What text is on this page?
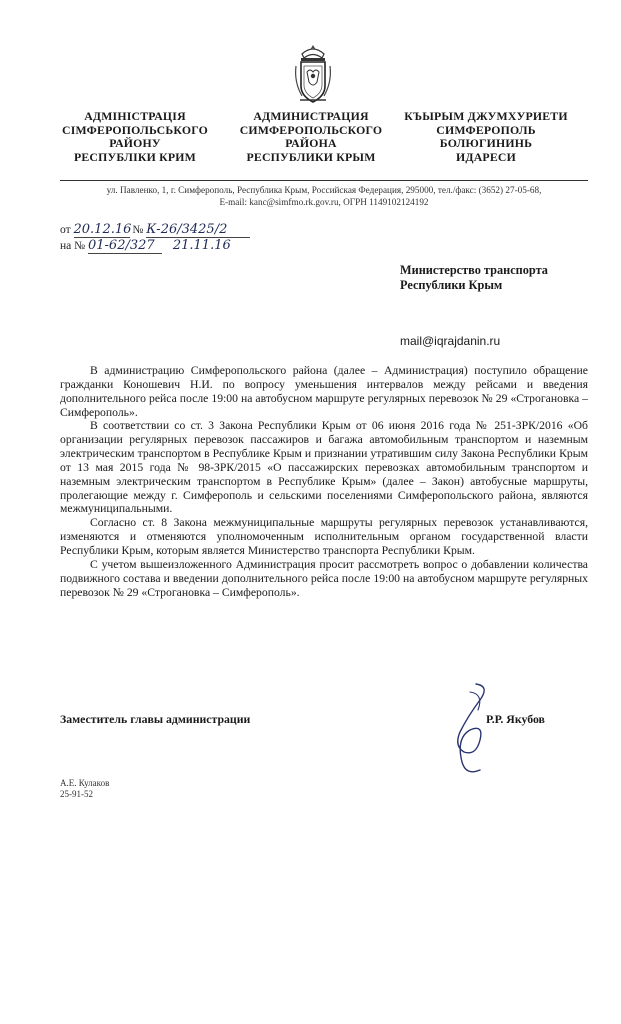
АДМІНІСТРАЦІЯ
СІМФЕРОПОЛЬСЬКОГО
РАЙОНУ
РЕСПУБЛІКИ КРИМ
АДМИНИСТРАЦИЯ
СИМФЕРОПОЛЬСКОГО
РАЙОНА
РЕСПУБЛИКИ КРЫМ
КЪЫРЫМ ДЖУМХУРИЕТИ
СИМФЕРОПОЛЬ
БОЛЮГИНИНЬ
ИДАРЕСИ
ул. Павленко, 1, г. Симферополь, Республика Крым, Российская Федерация, 295000, тел./факс: (3652) 27-05-68,
E-mail: kanc@simfmo.rk.gov.ru, ОГРН 1149102124192
от 20.12.16 № К-26/3425/2
на № 01-62/327 21.11.16
Министерство транспорта
Республики Крым
mail@iqrajdanin.ru

В администрацию Симферопольского района (далее – Администрация) поступило обращение гражданки Коношевич Н.И. по вопросу уменьшения интервалов между рейсами и введения дополнительного рейса после 19:00 на автобусном маршруте регулярных перевозок № 29 «Строгановка – Симферополь».

В соответствии со ст. 3 Закона Республики Крым от 06 июня 2016 года № 251-ЗРК/2016 «Об организации регулярных перевозок пассажиров и багажа автомобильным транспортом и наземным электрическим транспортом в Республике Крым и признании утратившим силу Закона Республики Крым от 13 мая 2015 года № 98-ЗРК/2015 «О пассажирских перевозках автомобильным транспортом и наземным электрическим транспортом в Республике Крым» (далее – Закон) автобусные маршруты, пролегающие между г. Симферополь и сельскими поселениями Симферопольского района, являются межмуниципальными.

Согласно ст. 8 Закона межмуниципальные маршруты регулярных перевозок устанавливаются, изменяются и отменяются уполномоченным исполнительным органом государственной власти Республики Крым, которым является Министерство транспорта Республики Крым.

С учетом вышеизложенного Администрация просит рассмотреть вопрос о добавлении количества подвижного состава и введении дополнительного рейса после 19:00 на автобусном маршруте регулярных перевозок № 29 «Строгановка – Симферополь».

Заместитель главы администрации	Р.Р. Якубов
А.Е. Кулаков
25-91-52
